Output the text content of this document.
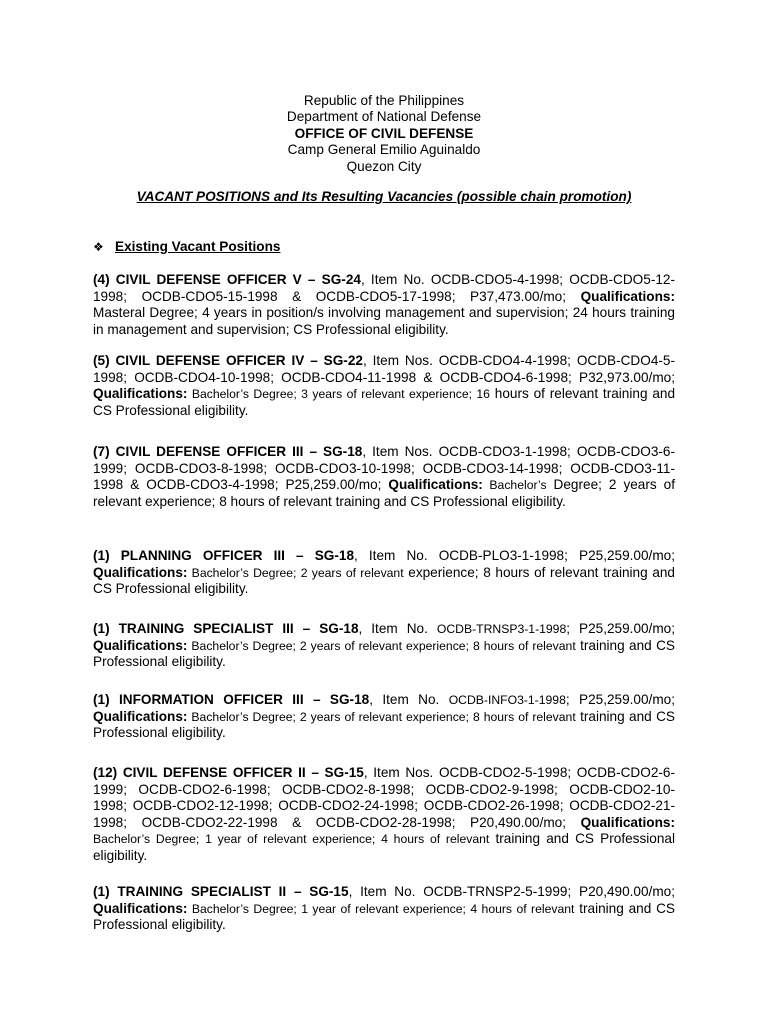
Republic of the Philippines
Department of National Defense
OFFICE OF CIVIL DEFENSE
Camp General Emilio Aguinaldo
Quezon City
VACANT POSITIONS and Its Resulting Vacancies (possible chain promotion)
❖ Existing Vacant Positions
(4) CIVIL DEFENSE OFFICER V – SG-24, Item No. OCDB-CDO5-4-1998; OCDB-CDO5-12-1998; OCDB-CDO5-15-1998 & OCDB-CDO5-17-1998; P37,473.00/mo; Qualifications: Masteral Degree; 4 years in position/s involving management and supervision; 24 hours training in management and supervision; CS Professional eligibility.
(5) CIVIL DEFENSE OFFICER IV – SG-22, Item Nos. OCDB-CDO4-4-1998; OCDB-CDO4-5-1998; OCDB-CDO4-10-1998; OCDB-CDO4-11-1998 & OCDB-CDO4-6-1998; P32,973.00/mo; Qualifications: Bachelor’s Degree; 3 years of relevant experience; 16 hours of relevant training and CS Professional eligibility.
(7) CIVIL DEFENSE OFFICER III – SG-18, Item Nos. OCDB-CDO3-1-1998; OCDB-CDO3-6-1999; OCDB-CDO3-8-1998; OCDB-CDO3-10-1998; OCDB-CDO3-14-1998; OCDB-CDO3-11-1998 & OCDB-CDO3-4-1998; P25,259.00/mo; Qualifications: Bachelor’s Degree; 2 years of relevant experience; 8 hours of relevant training and CS Professional eligibility.
(1) PLANNING OFFICER III – SG-18, Item No. OCDB-PLO3-1-1998; P25,259.00/mo; Qualifications: Bachelor’s Degree; 2 years of relevant experience; 8 hours of relevant training and CS Professional eligibility.
(1) TRAINING SPECIALIST III – SG-18, Item No. OCDB-TRNSP3-1-1998; P25,259.00/mo; Qualifications: Bachelor’s Degree; 2 years of relevant experience; 8 hours of relevant training and CS Professional eligibility.
(1) INFORMATION OFFICER III – SG-18, Item No. OCDB-INFO3-1-1998; P25,259.00/mo; Qualifications: Bachelor’s Degree; 2 years of relevant experience; 8 hours of relevant training and CS Professional eligibility.
(12) CIVIL DEFENSE OFFICER II – SG-15, Item Nos. OCDB-CDO2-5-1998; OCDB-CDO2-6-1999; OCDB-CDO2-6-1998; OCDB-CDO2-8-1998; OCDB-CDO2-9-1998; OCDB-CDO2-10-1998; OCDB-CDO2-12-1998; OCDB-CDO2-24-1998; OCDB-CDO2-26-1998; OCDB-CDO2-21-1998; OCDB-CDO2-22-1998 & OCDB-CDO2-28-1998; P20,490.00/mo; Qualifications: Bachelor’s Degree; 1 year of relevant experience; 4 hours of relevant training and CS Professional eligibility.
(1) TRAINING SPECIALIST II – SG-15, Item No. OCDB-TRNSP2-5-1999; P20,490.00/mo; Qualifications: Bachelor’s Degree; 1 year of relevant experience; 4 hours of relevant training and CS Professional eligibility.
